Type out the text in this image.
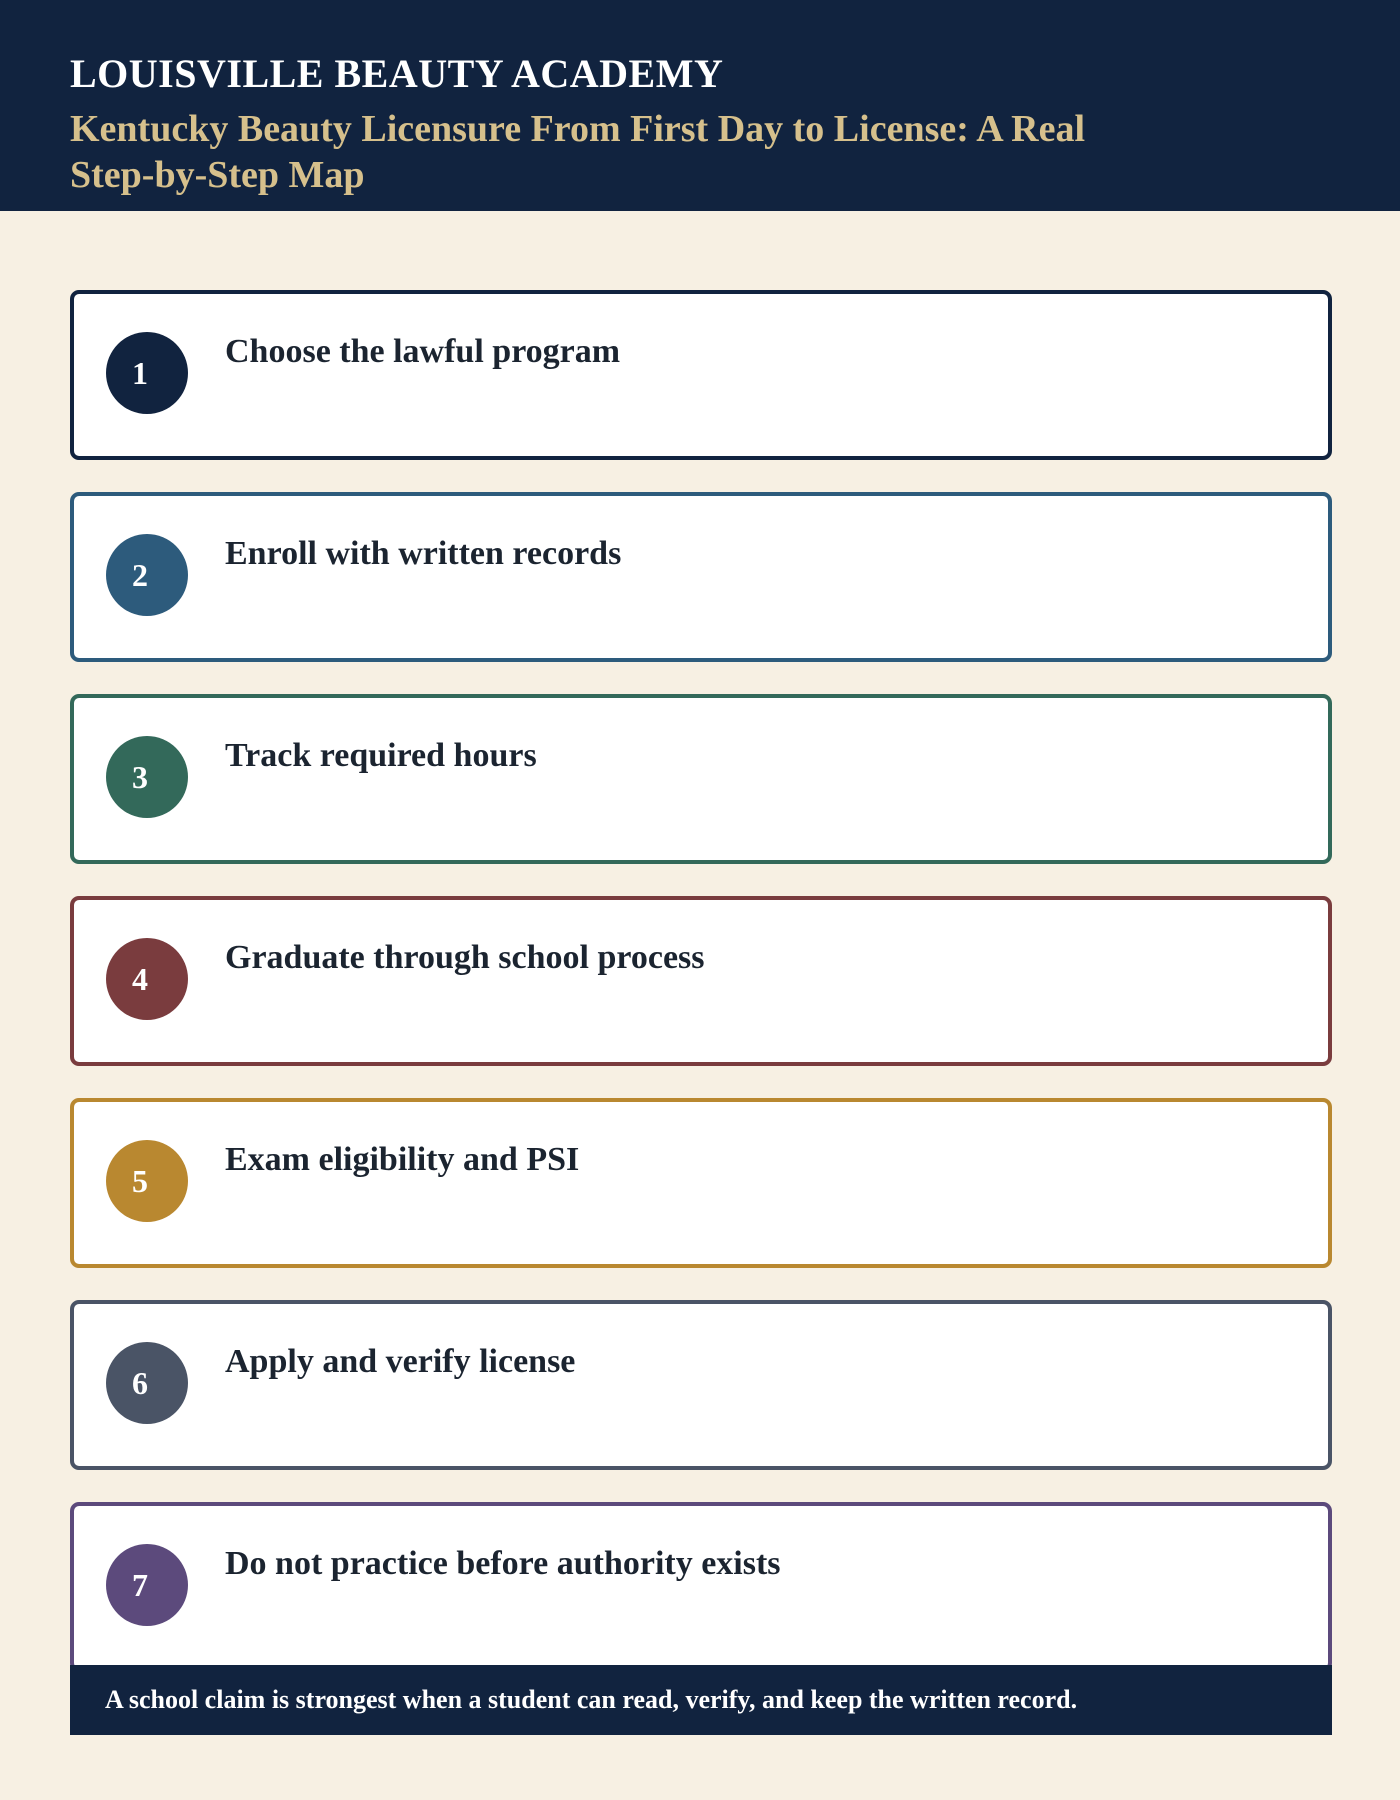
LOUISVILLE BEAUTY ACADEMY
Kentucky Beauty Licensure From First Day to License: A Real Step-by-Step Map
1
Choose the lawful program
2
Enroll with written records
3
Track required hours
4
Graduate through school process
5
Exam eligibility and PSI
6
Apply and verify license
7
Do not practice before authority exists
A school claim is strongest when a student can read, verify, and keep the written record.
